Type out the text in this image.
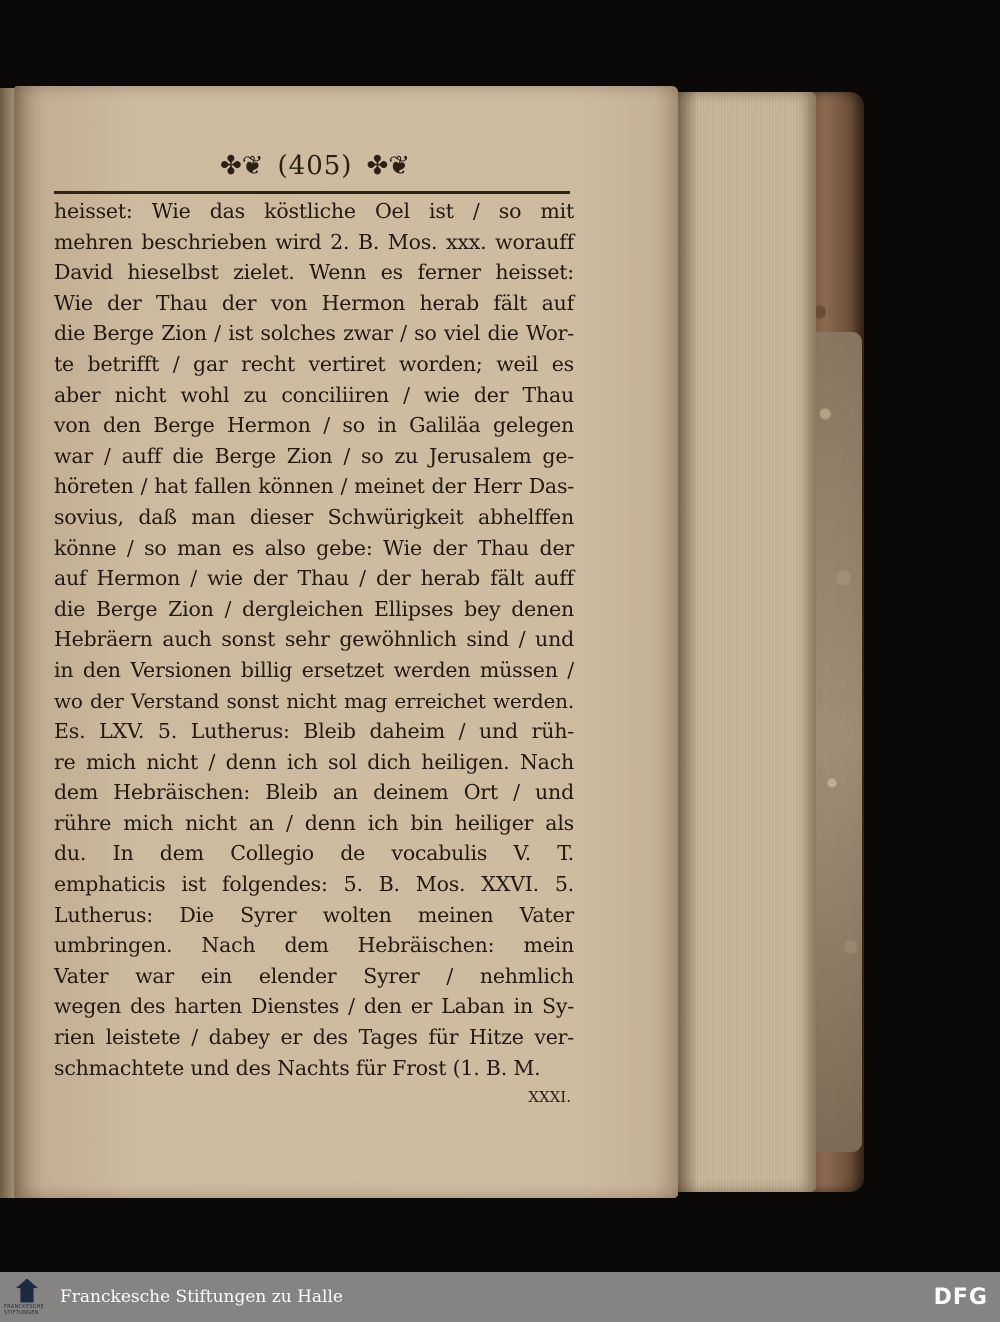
✤❦ (405) ✤❦
heisset: Wie das köstliche Oel ist / so mit
mehren beschrieben wird 2. B. Mos. xxx. worauff
David hieselbst zielet. Wenn es ferner heisset:
Wie der Thau der von Hermon herab fält auf
die Berge Zion / ist solches zwar / so viel die Wor-
te betrifft / gar recht vertiret worden; weil es
aber nicht wohl zu conciliiren / wie der Thau
von den Berge Hermon / so in Galiläa gelegen
war / auff die Berge Zion / so zu Jerusalem ge-
höreten / hat fallen können / meinet der Herr Das-
sovius, daß man dieser Schwürigkeit abhelffen
könne / so man es also gebe: Wie der Thau der
auf Hermon / wie der Thau / der herab fält auff
die Berge Zion / dergleichen Ellipses bey denen
Hebräern auch sonst sehr gewöhnlich sind / und
in den Versionen billig ersetzet werden müssen /
wo der Verstand sonst nicht mag erreichet werden.
Es. LXV. 5. Lutherus: Bleib daheim / und rüh-
re mich nicht / denn ich sol dich heiligen. Nach
dem Hebräischen: Bleib an deinem Ort / und
rühre mich nicht an / denn ich bin heiliger als
du. In dem Collegio de vocabulis V. T.
emphaticis ist folgendes: 5. B. Mos. XXVI. 5.
Lutherus: Die Syrer wolten meinen Vater
umbringen. Nach dem Hebräischen: mein
Vater war ein elender Syrer / nehmlich
wegen des harten Dienstes / den er Laban in Sy-
rien leistete / dabey er des Tages für Hitze ver-
schmachtete und des Nachts für Frost (1. B. M.
XXXI.
FRANCKESCHE STIFTUNGEN
Franckesche Stiftungen zu Halle	DFG
